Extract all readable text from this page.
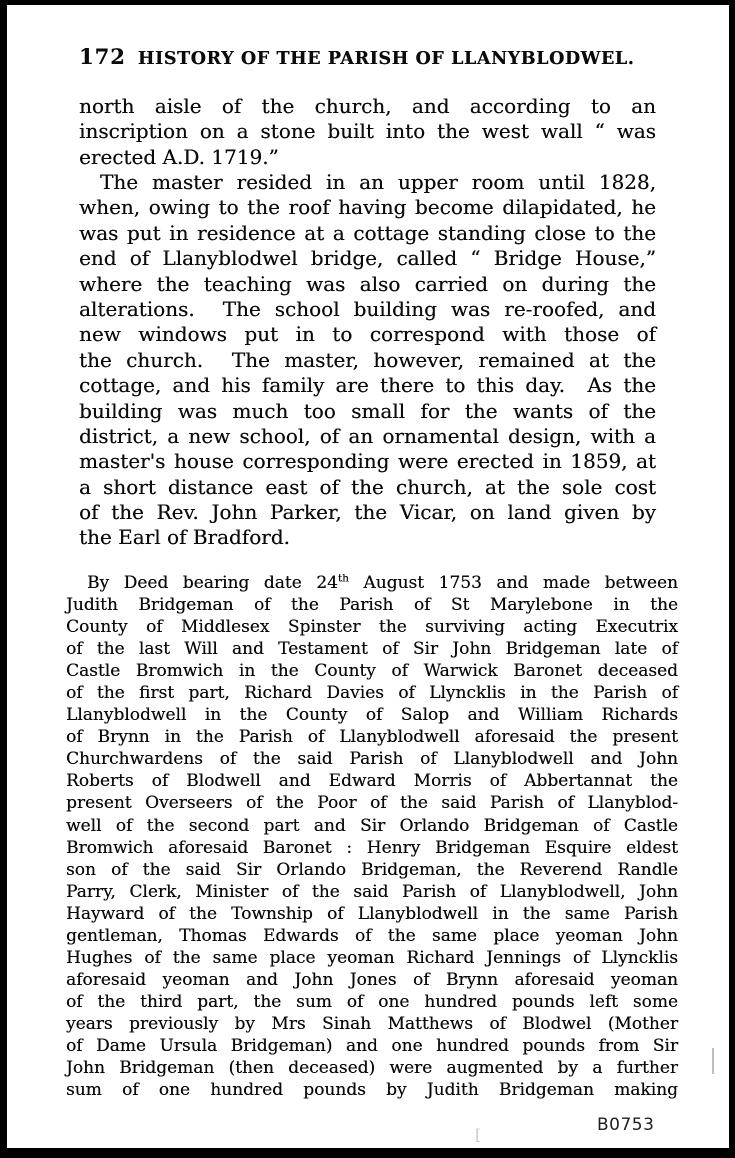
172 HISTORY OF THE PARISH OF LLANYBLODWEL.
north aisle of the church, and according to an
inscription on a stone built into the west wall “ was
erected A.D. 1719.”
The master resided in an upper room until 1828,
when, owing to the roof having become dilapidated, he
was put in residence at a cottage standing close to the
end of Llanyblodwel bridge, called “ Bridge House,”
where the teaching was also carried on during the
alterations.  The school building was re-roofed, and
new windows put in to correspond with those of
the church.  The master, however, remained at the
cottage, and his family are there to this day.  As the
building was much too small for the wants of the
district, a new school, of an ornamental design, with a
master's house corresponding were erected in 1859, at
a short distance east of the church, at the sole cost
of the Rev. John Parker, the Vicar, on land given by
the Earl of Bradford.
By Deed bearing date 24th August 1753 and made between
Judith Bridgeman of the Parish of St Marylebone in the
County of Middlesex Spinster the surviving acting Executrix
of the last Will and Testament of Sir John Bridgeman late of
Castle Bromwich in the County of Warwick Baronet deceased
of the first part, Richard Davies of Llyncklis in the Parish of
Llanyblodwell in the County of Salop and William Richards
of Brynn in the Parish of Llanyblodwell aforesaid the present
Churchwardens of the said Parish of Llanyblodwell and John
Roberts of Blodwell and Edward Morris of Abbertannat the
present Overseers of the Poor of the said Parish of Llanyblod-
well of the second part and Sir Orlando Bridgeman of Castle
Bromwich aforesaid Baronet : Henry Bridgeman Esquire eldest
son of the said Sir Orlando Bridgeman, the Reverend Randle
Parry, Clerk, Minister of the said Parish of Llanyblodwell, John
Hayward of the Township of Llanyblodwell in the same Parish
gentleman, Thomas Edwards of the same place yeoman John
Hughes of the same place yeoman Richard Jennings of Llyncklis
aforesaid yeoman and John Jones of Brynn aforesaid yeoman
of the third part, the sum of one hundred pounds left some
years previously by Mrs Sinah Matthews of Blodwel (Mother
of Dame Ursula Bridgeman) and one hundred pounds from Sir
John Bridgeman (then deceased) were augmented by a further
sum of one hundred pounds by Judith Bridgeman making
B0753
[
